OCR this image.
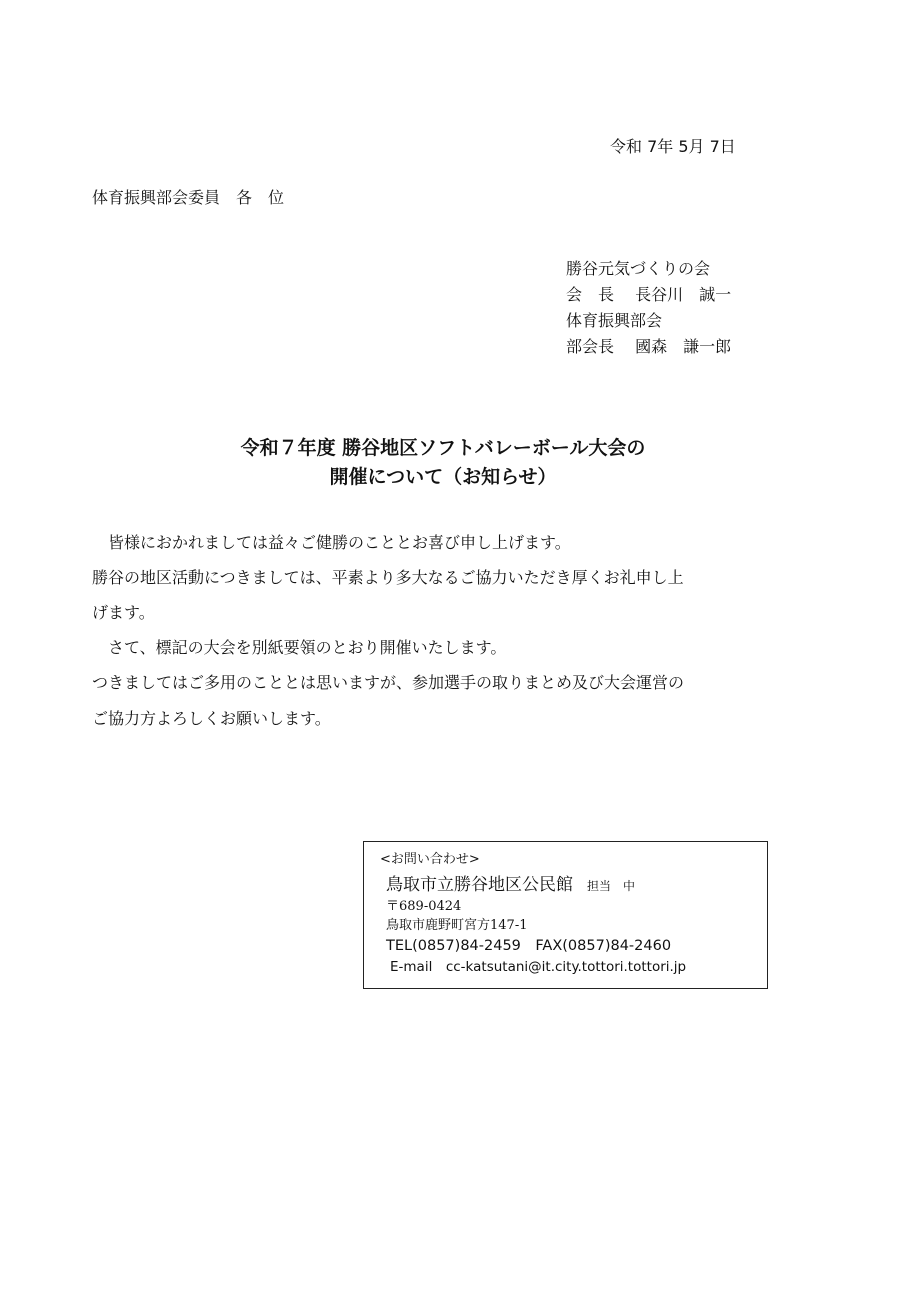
令和 7年 5月 7日
体育振興部会委員　各　位
勝谷元気づくりの会
会　長　 長谷川　誠一
体育振興部会
部会長　 國森　謙一郎
令和７年度 勝谷地区ソフトバレーボール大会の
開催について（お知らせ）
　皆様におかれましては益々ご健勝のこととお喜び申し上げます。
勝谷の地区活動につきましては、平素より多大なるご協力いただき厚くお礼申し上
げます。
　さて、標記の大会を別紙要領のとおり開催いたします。
つきましてはご多用のこととは思いますが、参加選手の取りまとめ及び大会運営の
ご協力方よろしくお願いします。
<お問い合わせ>
鳥取市立勝谷地区公民館 担当　中
〒689-0424
鳥取市鹿野町宮方147-1
TEL(0857)84-2459　FAX(0857)84-2460
E-mail　cc-katsutani@it.city.tottori.tottori.jp
